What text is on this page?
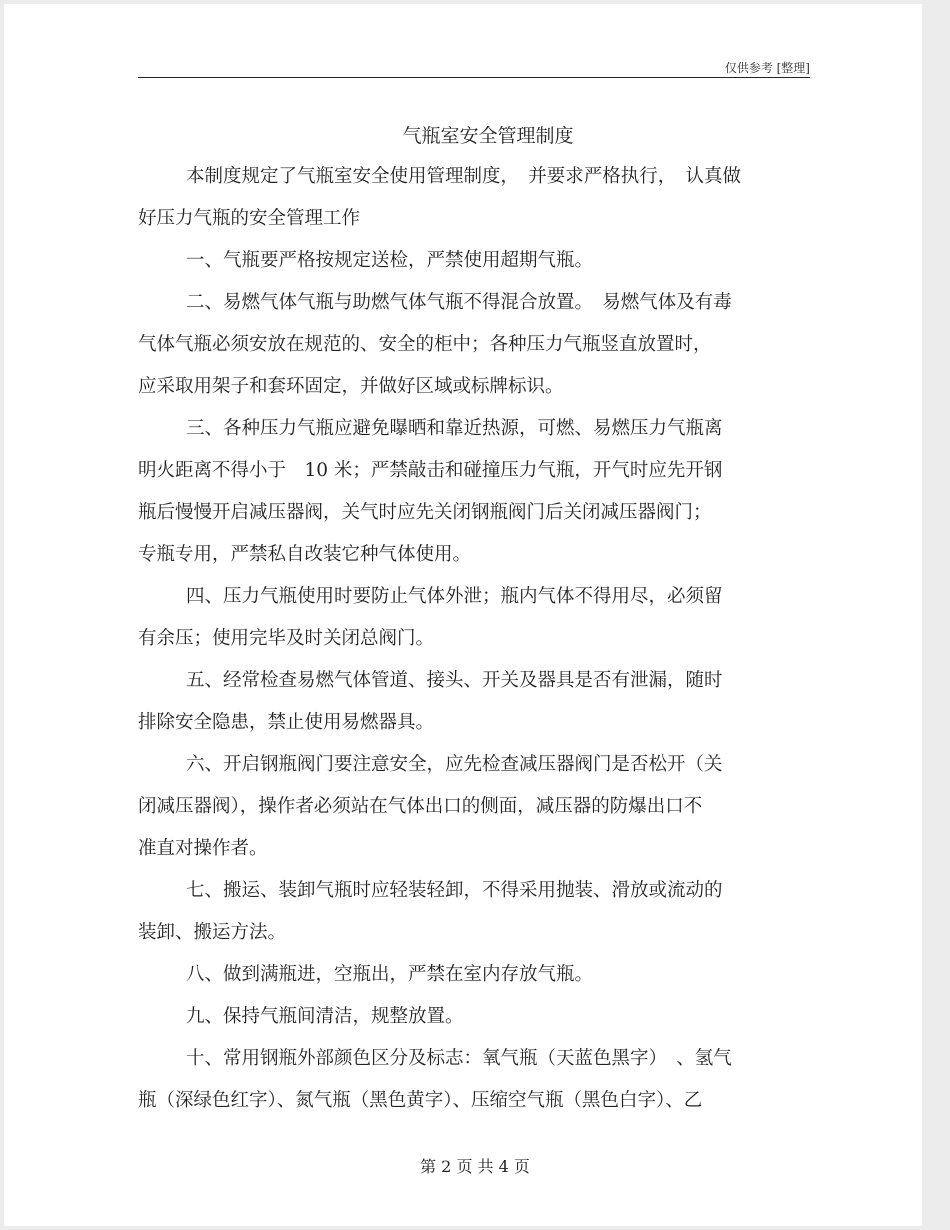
仅供参考 [整理]
气瓶室安全管理制度
本制度规定了气瓶室安全使用管理制度，　并要求严格执行，　认真做
好压力气瓶的安全管理工作
一、气瓶要严格按规定送检，严禁使用超期气瓶。
二、易燃气体气瓶与助燃气体气瓶不得混合放置。　易燃气体及有毒
气体气瓶必须安放在规范的、安全的柜中；各种压力气瓶竖直放置时，
应采取用架子和套环固定，并做好区域或标牌标识。
三、各种压力气瓶应避免曝晒和靠近热源，可燃、易燃压力气瓶离
明火距离不得小于　10 米；严禁敲击和碰撞压力气瓶，开气时应先开钢
瓶后慢慢开启减压器阀，关气时应先关闭钢瓶阀门后关闭减压器阀门；
专瓶专用，严禁私自改装它种气体使用。
四、压力气瓶使用时要防止气体外泄；瓶内气体不得用尽，必须留
有余压；使用完毕及时关闭总阀门。
五、经常检查易燃气体管道、接头、开关及器具是否有泄漏，随时
排除安全隐患，禁止使用易燃器具。
六、开启钢瓶阀门要注意安全，应先检查减压器阀门是否松开（关
闭减压器阀），操作者必须站在气体出口的侧面，减压器的防爆出口不
准直对操作者。
七、搬运、装卸气瓶时应轻装轻卸，不得采用抛装、滑放或流动的
装卸、搬运方法。
八、做到满瓶进，空瓶出，严禁在室内存放气瓶。
九、保持气瓶间清洁，规整放置。
十、常用钢瓶外部颜色区分及标志：氧气瓶（天蓝色黑字）　、氢气
瓶（深绿色红字）、氮气瓶（黑色黄字）、压缩空气瓶（黑色白字）、乙
第 2 页 共 4 页
